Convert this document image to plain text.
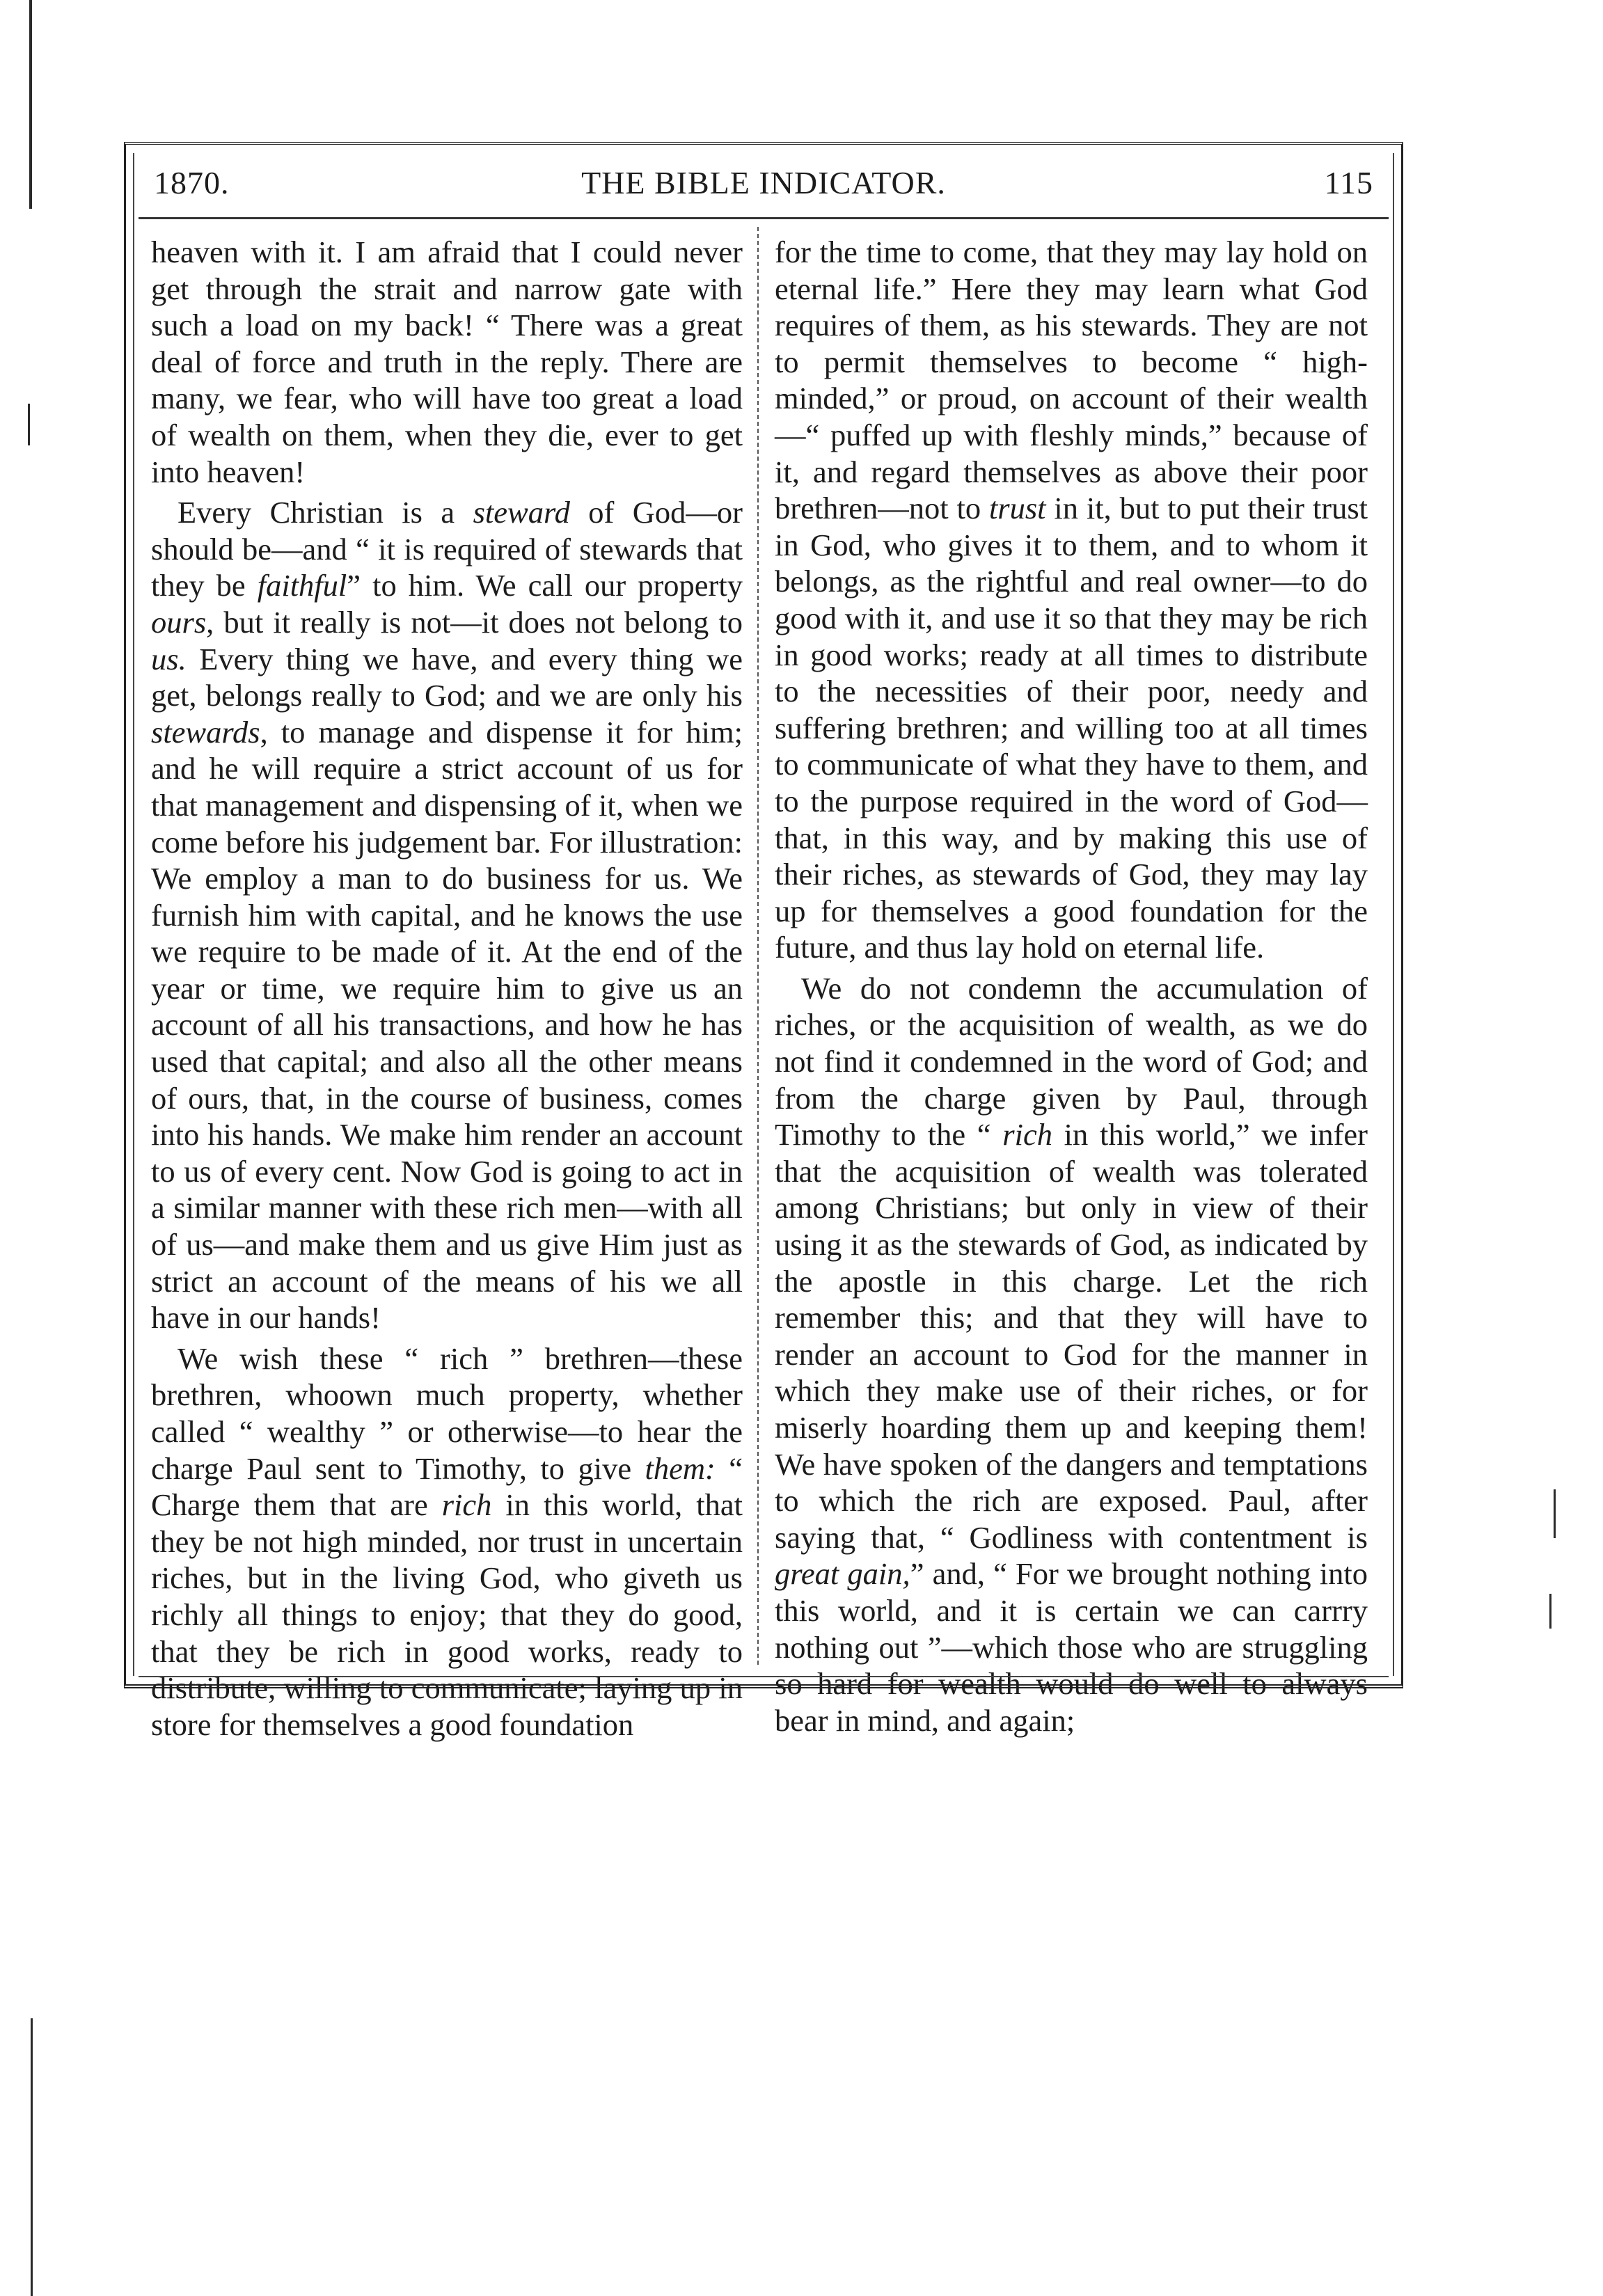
1870.	THE BIBLE INDICATOR.	115

heaven with it. I am afraid that I could never get through the strait and narrow gate with such a load on my back! “ There was a great deal of force and truth in the reply. There are many, we fear, who will have too great a load of wealth on them, when they die, ever to get into heaven!

Every Christian is a steward of God—or should be—and “ it is required of stewards that they be faithful” to him. We call our property ours, but it really is not—it does not belong to us. Every thing we have, and every thing we get, belongs really to God; and we are only his stewards, to manage and dispense it for him; and he will require a strict account of us for that management and dispensing of it, when we come before his judgement bar. For illustration: We employ a man to do business for us. We furnish him with capital, and he knows the use we require to be made of it. At the end of the year or time, we require him to give us an account of all his transactions, and how he has used that capital; and also all the other means of ours, that, in the course of business, comes into his hands. We make him render an account to us of every cent. Now God is going to act in a similar manner with these rich men—with all of us—and make them and us give Him just as strict an account of the means of his we all have in our hands!

We wish these “ rich ” brethren—these brethren, whoown much property, whether called “ wealthy ” or otherwise—to hear the charge Paul sent to Timothy, to give them: “ Charge them that are rich in this world, that they be not high minded, nor trust in uncertain riches, but in the living God, who giveth us richly all things to enjoy; that they do good, that they be rich in good works, ready to distribute, willing to communicate; laying up in store for themselves a good foundation

for the time to come, that they may lay hold on eternal life.” Here they may learn what God requires of them, as his stewards. They are not to permit themselves to become “ high-minded,” or proud, on account of their wealth—“ puffed up with fleshly minds,” because of it, and regard themselves as above their poor brethren—not to trust in it, but to put their trust in God, who gives it to them, and to whom it belongs, as the rightful and real owner—to do good with it, and use it so that they may be rich in good works; ready at all times to distribute to the necessities of their poor, needy and suffering brethren; and willing too at all times to communicate of what they have to them, and to the purpose required in the word of God—that, in this way, and by making this use of their riches, as stewards of God, they may lay up for themselves a good foundation for the future, and thus lay hold on eternal life.

We do not condemn the accumulation of riches, or the acquisition of wealth, as we do not find it condemned in the word of God; and from the charge given by Paul, through Timothy to the “ rich in this world,” we infer that the acquisition of wealth was tolerated among Christians; but only in view of their using it as the stewards of God, as indicated by the apostle in this charge. Let the rich remember this; and that they will have to render an account to God for the manner in which they make use of their riches, or for miserly hoarding them up and keeping them! We have spoken of the dangers and temptations to which the rich are exposed. Paul, after saying that, “ Godliness with contentment is great gain,” and, “ For we brought nothing into this world, and it is certain we can carrry nothing out ”—which those who are struggling so hard for wealth would do well to always bear in mind, and again;
